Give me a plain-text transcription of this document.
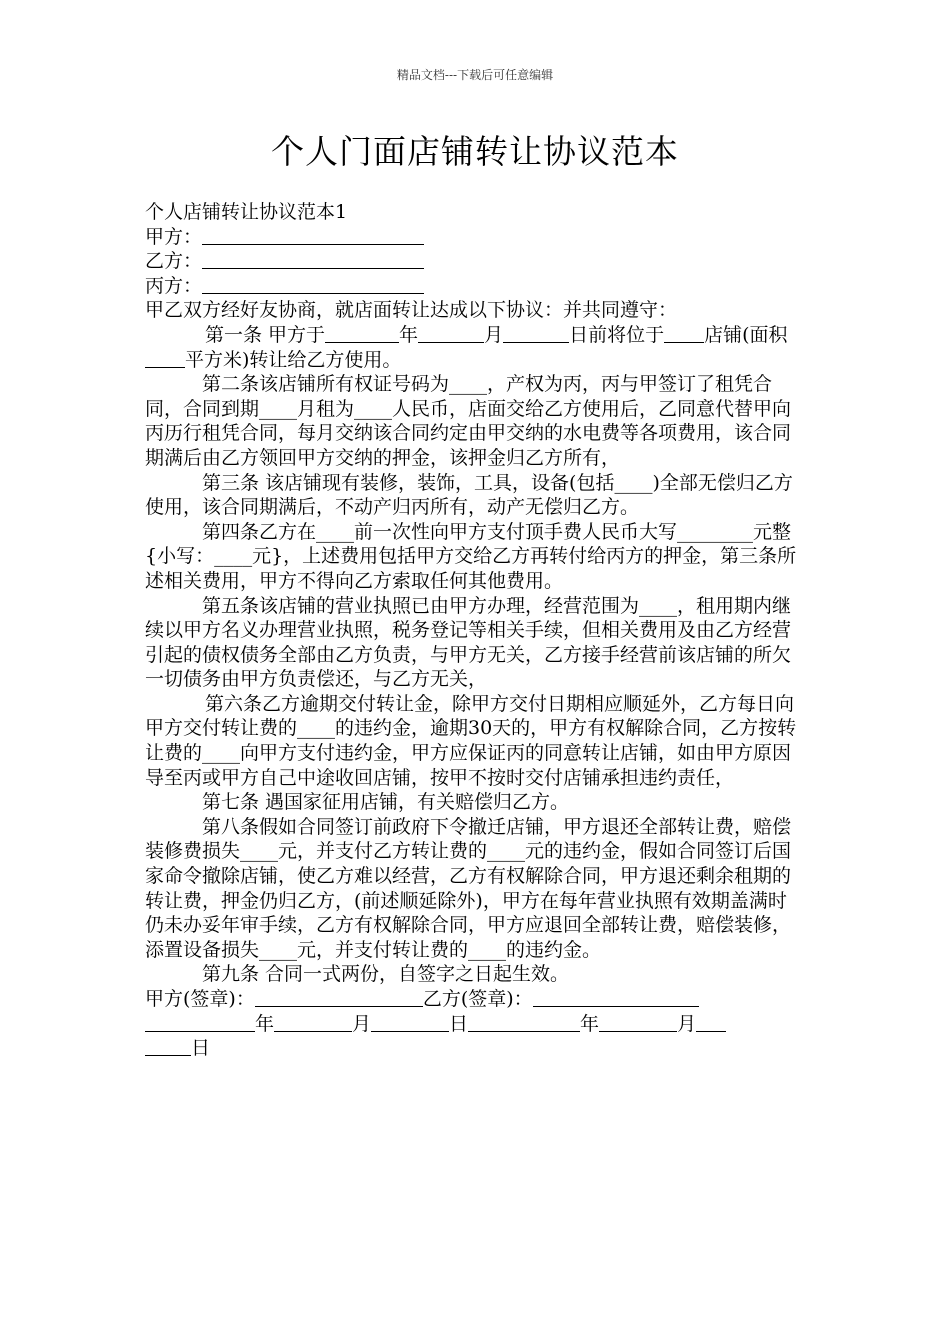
精品文档---下载后可任意编辑
个人门面店铺转让协议范本

个人店铺转让协议范本1

甲方：

乙方：

丙方：

甲乙双方经好友协商，就店面转让达成以下协议：并共同遵守：

第一条 甲方于	年	月	日前将位于 店铺(面积平方米)转让给乙方使用。

第二条该店铺所有权证号码为____，产权为丙，丙与甲签订了租凭合同，合同到期____月租为____人民币，店面交给乙方使用后，乙同意代替甲向丙历行租凭合同，每月交纳该合同约定由甲交纳的水电费等各项费用，该合同期满后由乙方领回甲方交纳的押金，该押金归乙方所有，

第三条 该店铺现有装修，装饰，工具，设备(包括____)全部无偿归乙方使用，该合同期满后，不动产归丙所有，动产无偿归乙方。

第四条乙方在____前一次性向甲方支付顶手费人民币大写________元整{小写：____元}，上述费用包括甲方交给乙方再转付给丙方的押金，第三条所述相关费用，甲方不得向乙方索取任何其他费用。

第五条该店铺的营业执照已由甲方办理，经营范围为____，租用期内继续以甲方名义办理营业执照，税务登记等相关手续，但相关费用及由乙方经营引起的债权债务全部由乙方负责，与甲方无关，乙方接手经营前该店铺的所欠一切债务由甲方负责偿还，与乙方无关，

第六条乙方逾期交付转让金，除甲方交付日期相应顺延外，乙方每日向甲方交付转让费的____的违约金，逾期30天的，甲方有权解除合同，乙方按转让费的____向甲方支付违约金，甲方应保证丙的同意转让店铺，如由甲方原因导至丙或甲方自己中途收回店铺，按甲不按时交付店铺承担违约责任，

第七条 遇国家征用店铺，有关赔偿归乙方。

第八条假如合同签订前政府下令撤迁店铺，甲方退还全部转让费，赔偿装修费损失____元，并支付乙方转让费的____元的违约金，假如合同签订后国家命令撤除店铺，使乙方难以经营，乙方有权解除合同，甲方退还剩余租期的转让费，押金仍归乙方，(前述顺延除外)，甲方在每年营业执照有效期盖满时仍未办妥年审手续，乙方有权解除合同，甲方应退回全部转让费，赔偿装修，添置设备损失____元，并支付转让费的____的违约金。

第九条 合同一式两份，自签字之日起生效。

甲方(签章)：	乙方(签章)：

年	月	日	年	月

日
